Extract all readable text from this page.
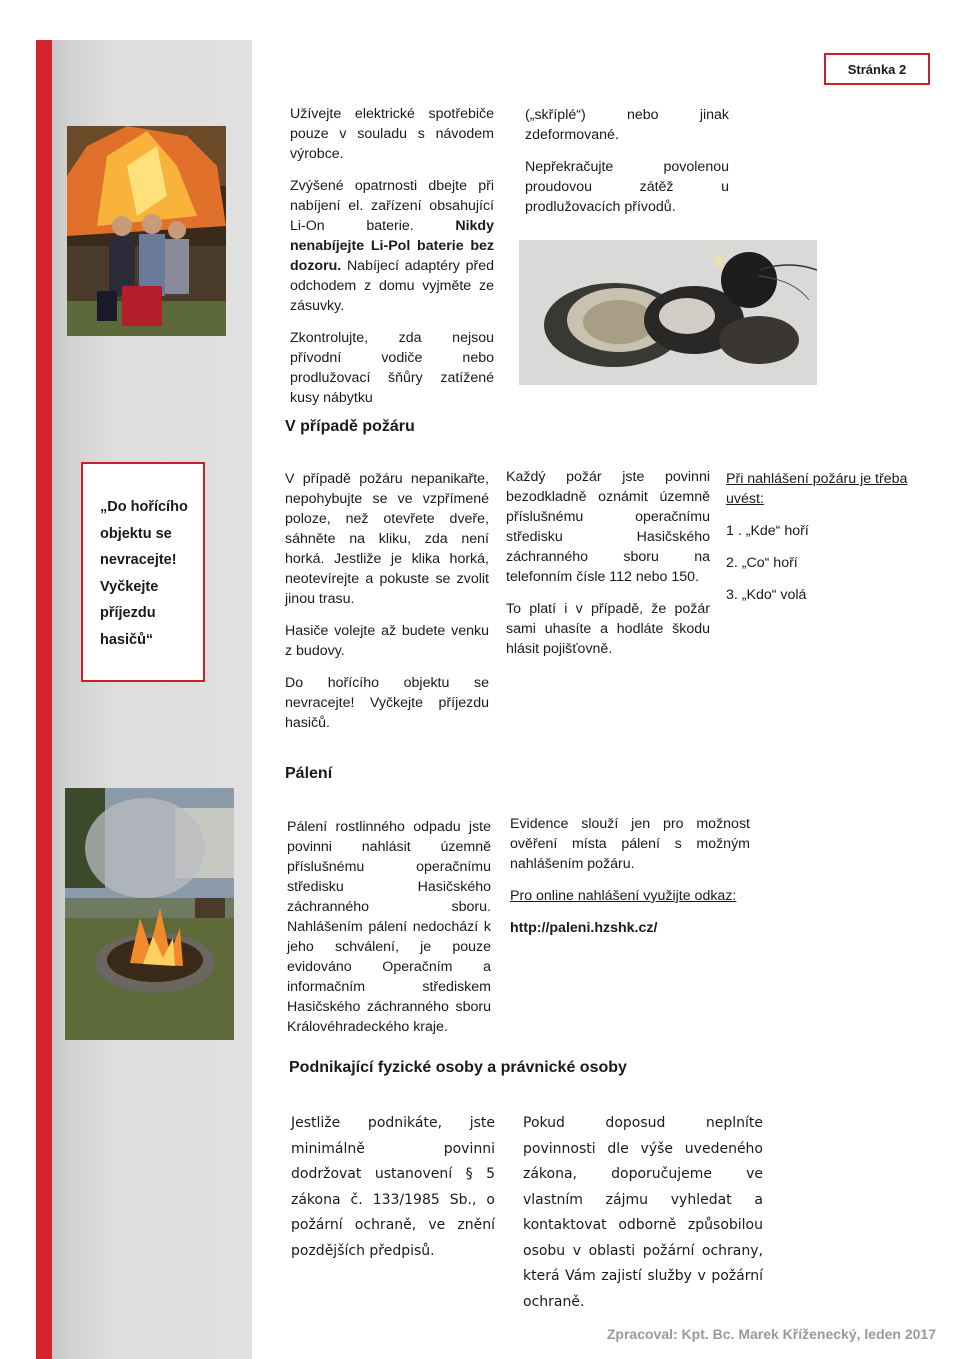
Stránka 2

Užívejte elektrické spotřebiče pouze v souladu s návodem výrobce.

Zvýšené opatrnosti dbejte při nabíjení el. zařízení obsahující Li-On baterie.	Nikdy nenabíjejte Li-Pol baterie bez dozoru. Nabíjecí adaptéry před odchodem z domu vyjměte ze zásuvky.

Zkontrolujte, zda nejsou přívodní vodiče nebo prodlužovací šňůry zatížené kusy nábytku

(„skříplé“) nebo jinak zdeformované.

Nepřekračujte povolenou proudovou zátěž u prodlužovacích přívodů.

V případě požáru
„Do hořícího objektu se nevracejte! Vyčkejte příjezdu hasičů“

V případě požáru nepanikařte, nepohybujte se ve vzpřímené poloze, než otevřete dveře, sáhněte na kliku, zda není horká. Jestliže je klika horká, neotevírejte a pokuste se zvolit jinou trasu.

Hasiče volejte až budete venku z budovy.

Do hořícího objektu se nevracejte! Vyčkejte příjezdu hasičů.

Každý požár jste povinni bezodkladně oznámit územně příslušnému operačnímu středisku Hasičského záchranného sboru na telefonním čísle 112 nebo 150.

To platí i v případě, že požár sami uhasíte a hodláte škodu hlásit pojišťovně.

Při nahlášení požáru je třeba uvést:

1 . „Kde“ hoří
2. „Co“ hoří
3. „Kdo“ volá
Pálení

Pálení rostlinného odpadu jste povinni nahlásit územně příslušnému operačnímu středisku Hasičského záchranného sboru. Nahlášením pálení nedochází k jeho schválení, je pouze evidováno Operačním a informačním střediskem Hasičského záchranného sboru Královéhradeckého kraje.

Evidence slouží jen pro možnost ověření místa pálení s možným nahlášením požáru.

Pro online nahlášení využijte odkaz:

http://paleni.hzshk.cz/

Podnikající fyzické osoby a právnické osoby

Jestliže podnikáte, jste minimálně povinni dodržovat ustanovení § 5 zákona č. 133/1985 Sb., o požární ochraně, ve znění pozdějších předpisů.

Pokud doposud neplníte povinnosti dle výše uvedeného zákona, doporučujeme ve vlastním zájmu vyhledat a kontaktovat odborně způsobilou osobu v oblasti požární ochrany, která Vám zajistí služby v požární ochraně.

Zpracoval: Kpt. Bc. Marek Kříženecký, leden 2017
